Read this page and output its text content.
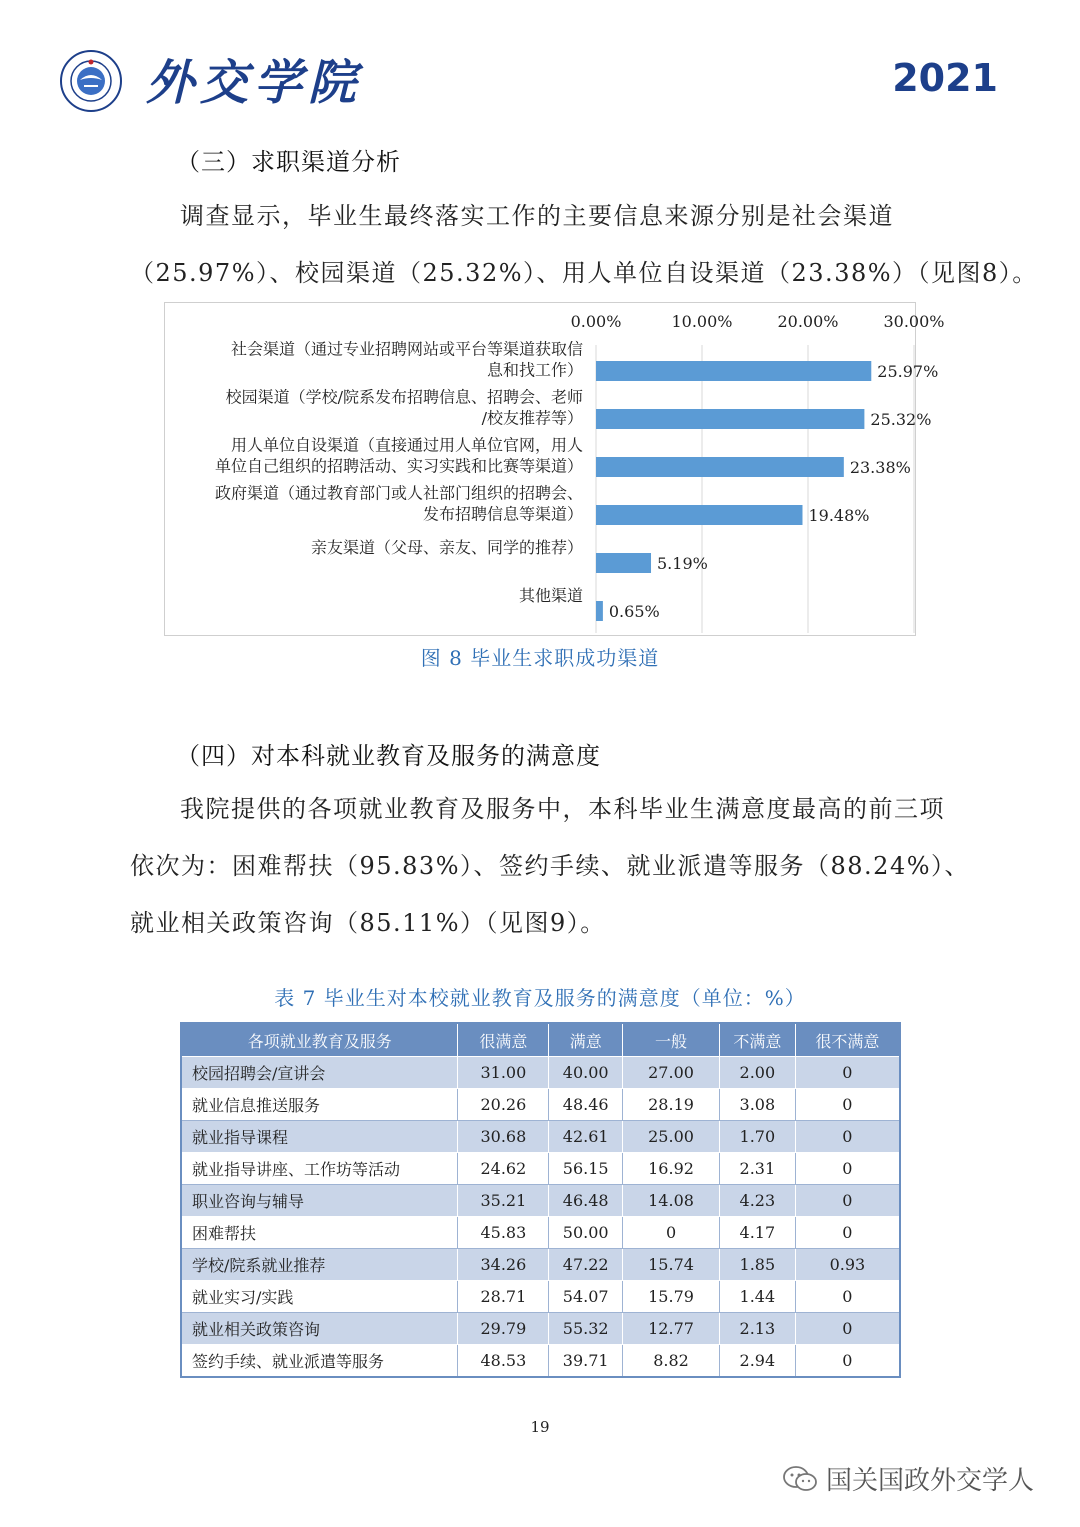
外交学院	2021
（三）求职渠道分析
调查显示，毕业生最终落实工作的主要信息来源分别是社会渠道
（25.97%）、校园渠道（25.32%）、用人单位自设渠道（23.38%）（见图8）。
0.00%	10.00%	20.00%	30.00%
25.97%
社会渠道（通过专业招聘网站或平台等渠道获取信
息和找工作）
25.32%
校园渠道（学校/院系发布招聘信息、招聘会、老师
/校友推荐等）
23.38%
用人单位自设渠道（直接通过用人单位官网，用人
单位自己组织的招聘活动、实习实践和比赛等渠道）
19.48%
政府渠道（通过教育部门或人社部门组织的招聘会、
发布招聘信息等渠道）
5.19%
亲友渠道（父母、亲友、同学的推荐）
0.65%
其他渠道
图 8 毕业生求职成功渠道
（四）对本科就业教育及服务的满意度
我院提供的各项就业教育及服务中，本科毕业生满意度最高的前三项
依次为：困难帮扶（95.83%）、签约手续、就业派遣等服务（88.24%）、
就业相关政策咨询（85.11%）（见图9）。
表 7 毕业生对本校就业教育及服务的满意度（单位：%）
各项就业教育及服务	很满意	满意	一般	不满意	很不满意
校园招聘会/宣讲会	31.00	40.00	27.00	2.00	0
就业信息推送服务	20.26	48.46	28.19	3.08	0
就业指导课程	30.68	42.61	25.00	1.70	0
就业指导讲座、工作坊等活动	24.62	56.15	16.92	2.31	0
职业咨询与辅导	35.21	46.48	14.08	4.23	0
困难帮扶	45.83	50.00	0	4.17	0
学校/院系就业推荐	34.26	47.22	15.74	1.85	0.93
就业实习/实践	28.71	54.07	15.79	1.44	0
就业相关政策咨询	29.79	55.32	12.77	2.13	0
签约手续、就业派遣等服务	48.53	39.71	8.82	2.94	0
19
国关国政外交学人
